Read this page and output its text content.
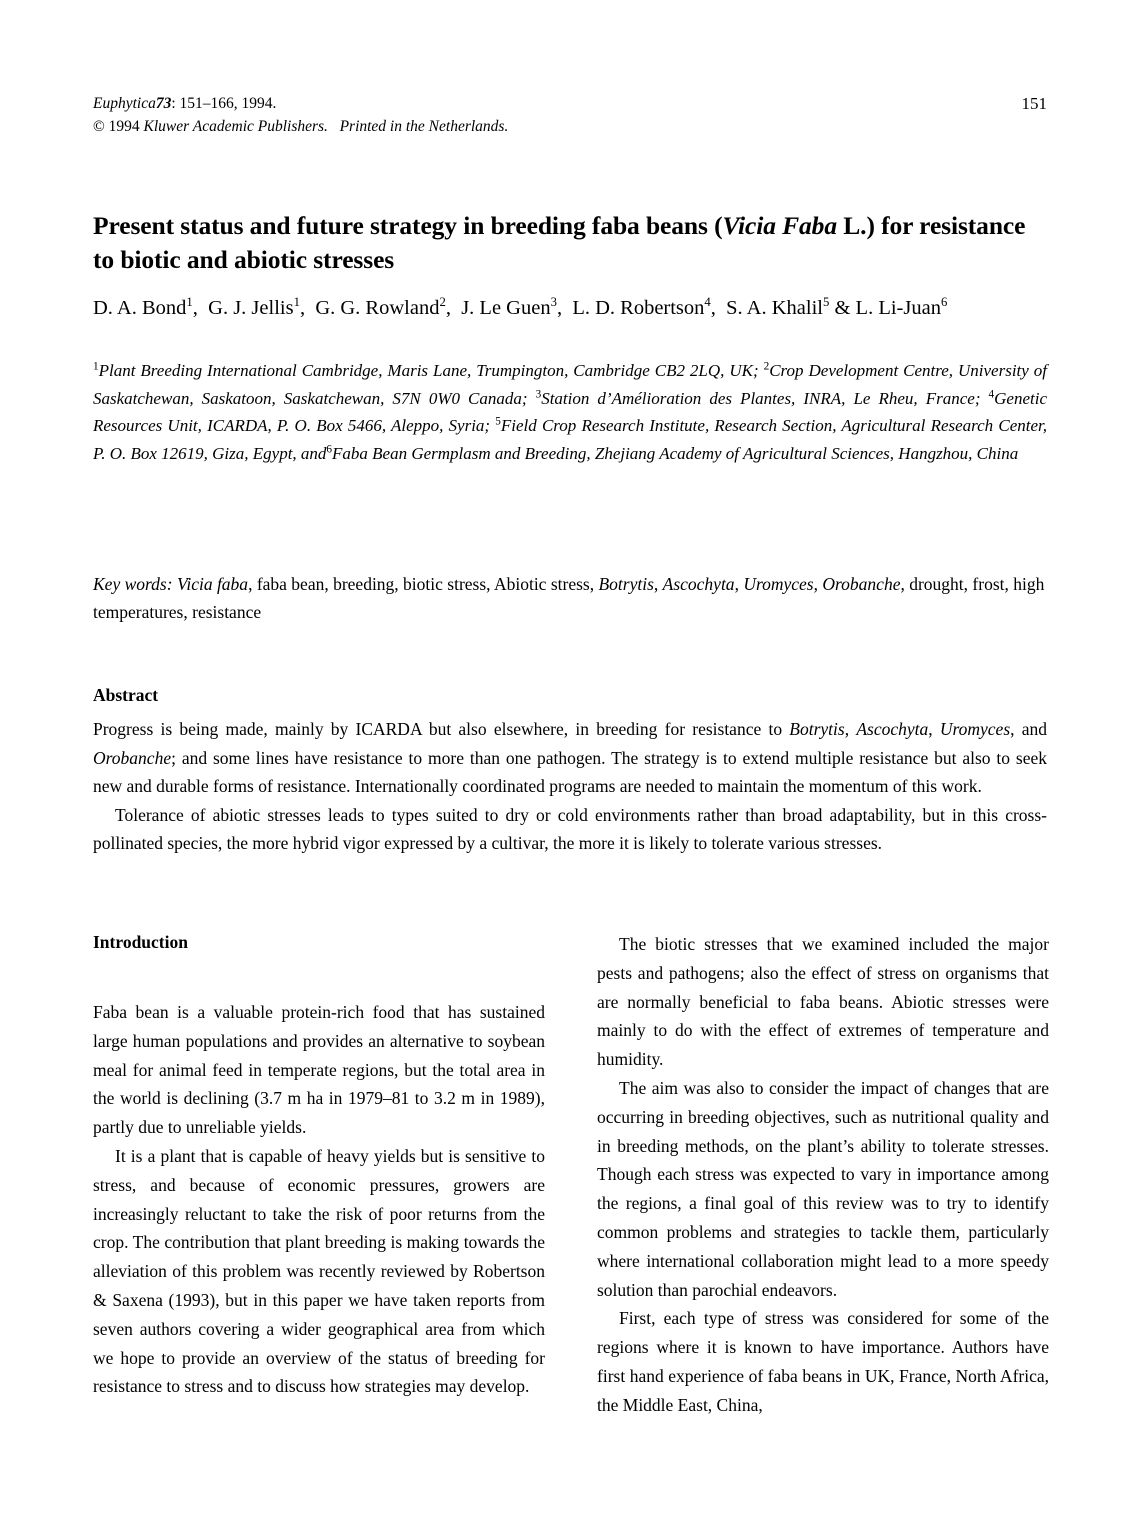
Euphytica73: 151–166, 1994.
© 1994 Kluwer Academic Publishers. Printed in the Netherlands.
151
Present status and future strategy in breeding faba beans (Vicia Faba L.) for resistance to biotic and abiotic stresses
D. A. Bond$^1$,  G. J. Jellis$^1$,  G. G. Rowland$^2$,  J. Le Guen$^3$,  L. D. Robertson$^4$,  S. A. Khalil$^5$ & L. Li-Juan$^6$
$^1$Plant Breeding International Cambridge, Maris Lane, Trumpington, Cambridge CB2 2LQ, UK; $^2$Crop Development Centre, University of Saskatchewan, Saskatoon, Saskatchewan, S7N 0W0 Canada; $^3$Station d’Amélioration des Plantes, INRA, Le Rheu, France; $^4$Genetic Resources Unit, ICARDA, P. O. Box 5466, Aleppo, Syria; $^5$Field Crop Research Institute, Research Section, Agricultural Research Center, P. O. Box 12619, Giza, Egypt, and$^6$Faba Bean Germplasm and Breeding, Zhejiang Academy of Agricultural Sciences, Hangzhou, China
Key words: Vicia faba, faba bean, breeding, biotic stress, Abiotic stress, Botrytis, Ascochyta, Uromyces, Orobanche, drought, frost, high temperatures, resistance
Abstract

Progress is being made, mainly by ICARDA but also elsewhere, in breeding for resistance to Botrytis, Ascochyta, Uromyces, and Orobanche; and some lines have resistance to more than one pathogen. The strategy is to extend multiple resistance but also to seek new and durable forms of resistance. Internationally coordinated programs are needed to maintain the momentum of this work.

Tolerance of abiotic stresses leads to types suited to dry or cold environments rather than broad adaptability, but in this cross-pollinated species, the more hybrid vigor expressed by a cultivar, the more it is likely to tolerate various stresses.

Introduction

Faba bean is a valuable protein-rich food that has sustained large human populations and provides an alternative to soybean meal for animal feed in temperate regions, but the total area in the world is declining (3.7 m ha in 1979–81 to 3.2 m in 1989), partly due to unreliable yields.

It is a plant that is capable of heavy yields but is sensitive to stress, and because of economic pressures, growers are increasingly reluctant to take the risk of poor returns from the crop. The contribution that plant breeding is making towards the alleviation of this problem was recently reviewed by Robertson & Saxena (1993), but in this paper we have taken reports from seven authors covering a wider geographical area from which we hope to provide an overview of the status of breeding for resistance to stress and to discuss how strategies may develop.

The biotic stresses that we examined included the major pests and pathogens; also the effect of stress on organisms that are normally beneficial to faba beans. Abiotic stresses were mainly to do with the effect of extremes of temperature and humidity.

The aim was also to consider the impact of changes that are occurring in breeding objectives, such as nutritional quality and in breeding methods, on the plant’s ability to tolerate stresses. Though each stress was expected to vary in importance among the regions, a final goal of this review was to try to identify common problems and strategies to tackle them, particularly where international collaboration might lead to a more speedy solution than parochial endeavors.

First, each type of stress was considered for some of the regions where it is known to have importance. Authors have first hand experience of faba beans in UK, France, North Africa, the Middle East, China,
